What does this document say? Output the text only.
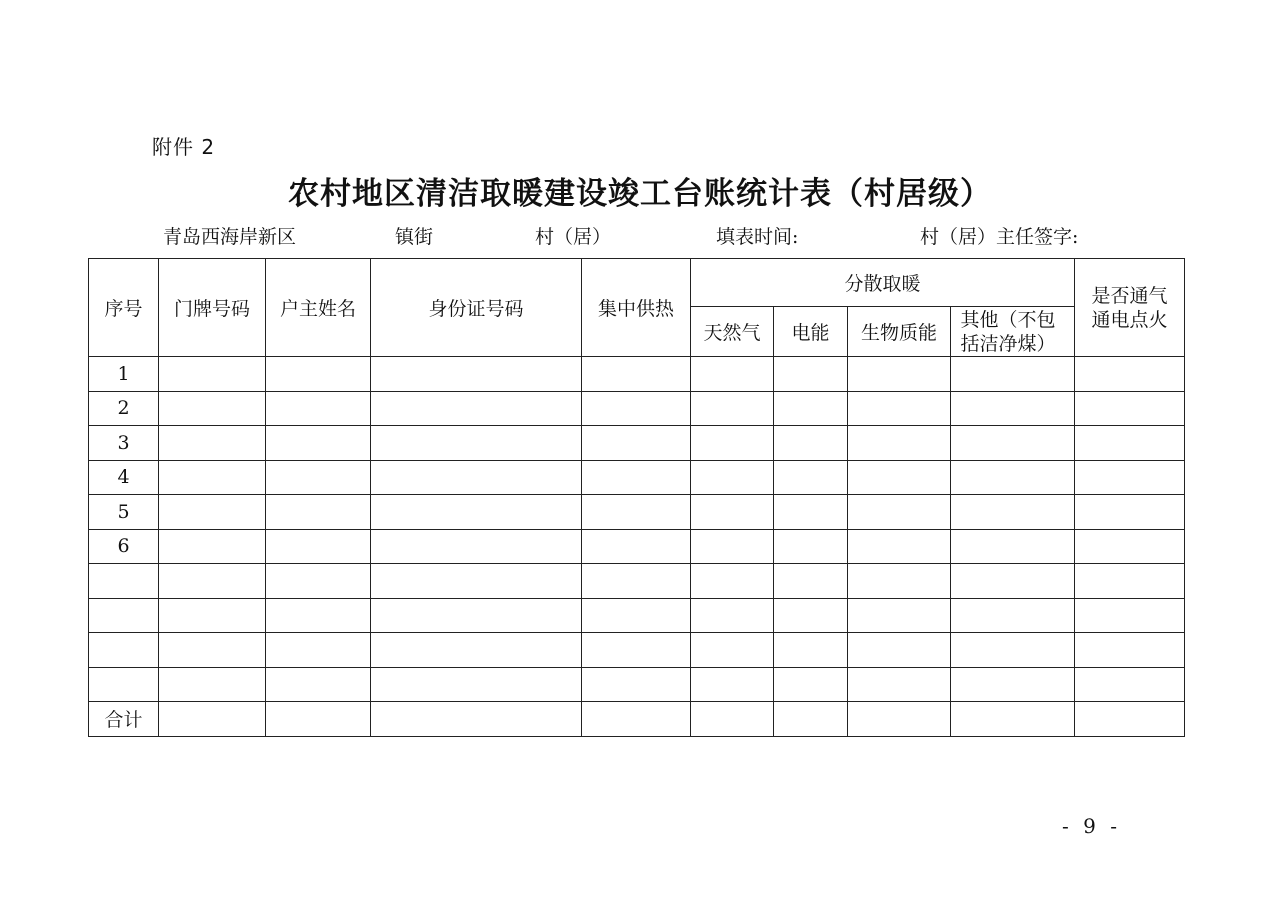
附件 2
农村地区清洁取暖建设竣工台账统计表（村居级）
青岛西海岸新区	镇街	村（居）	填表时间:	村（居）主任签字:
序号	门牌号码	户主姓名	身份证号码	集中供热	分散取暖				是否通气通电点火
					天然气	电能	生物质能	其他（不包括洁净煤）	
1									
2									
3									
4									
5									
6									

合计									
- 9 -
